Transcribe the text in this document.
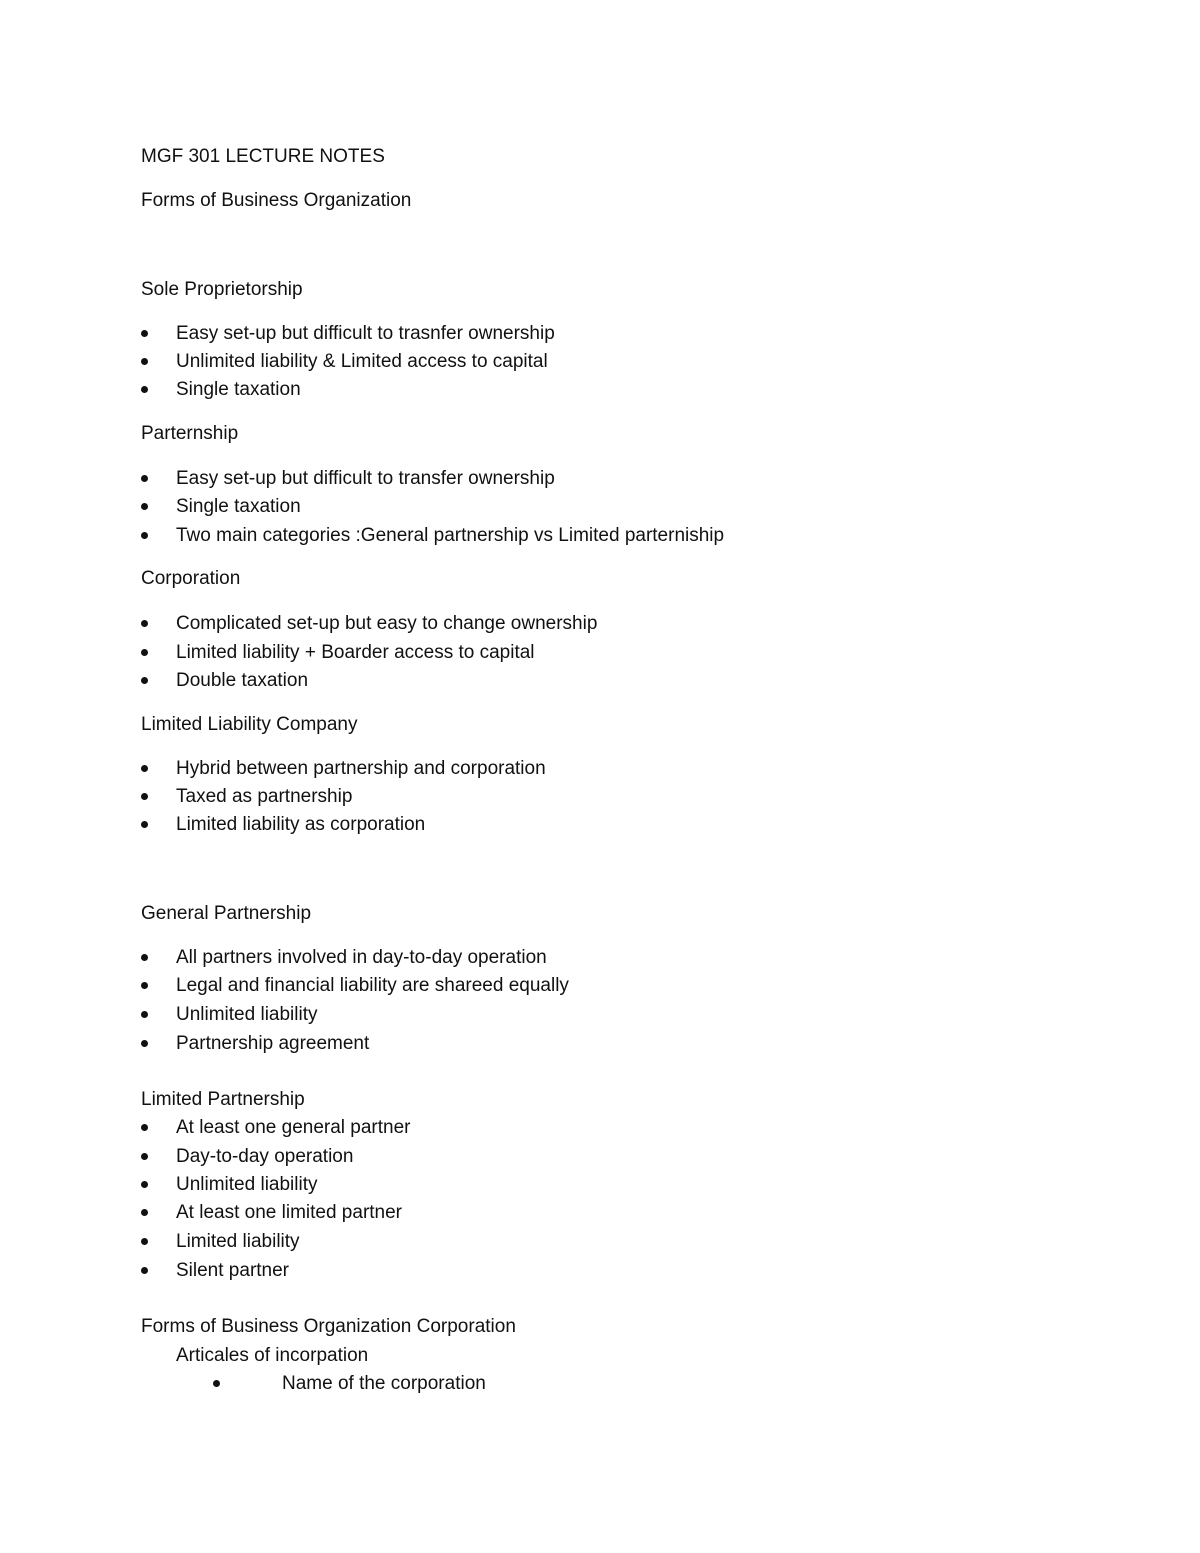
MGF 301 LECTURE NOTES
Forms of Business Organization
Sole Proprietorship
Easy set-up but difficult to trasnfer ownership
Unlimited liability & Limited access to capital
Single taxation
Parternship
Easy set-up but difficult to transfer ownership
Single taxation
Two main categories :General partnership vs Limited parterniship
Corporation
Complicated set-up but easy to change ownership
Limited liability + Boarder access to capital
Double taxation
Limited Liability Company
Hybrid between partnership and corporation
Taxed as partnership
Limited liability as corporation
General Partnership
All partners involved in day-to-day operation
Legal and financial liability are shareed equally
Unlimited liability
Partnership agreement
Limited Partnership
At least one general partner
Day-to-day operation
Unlimited liability
At least one limited partner
Limited liability
Silent partner
Forms of Business Organization Corporation
Articales of incorpation
Name of the corporation
